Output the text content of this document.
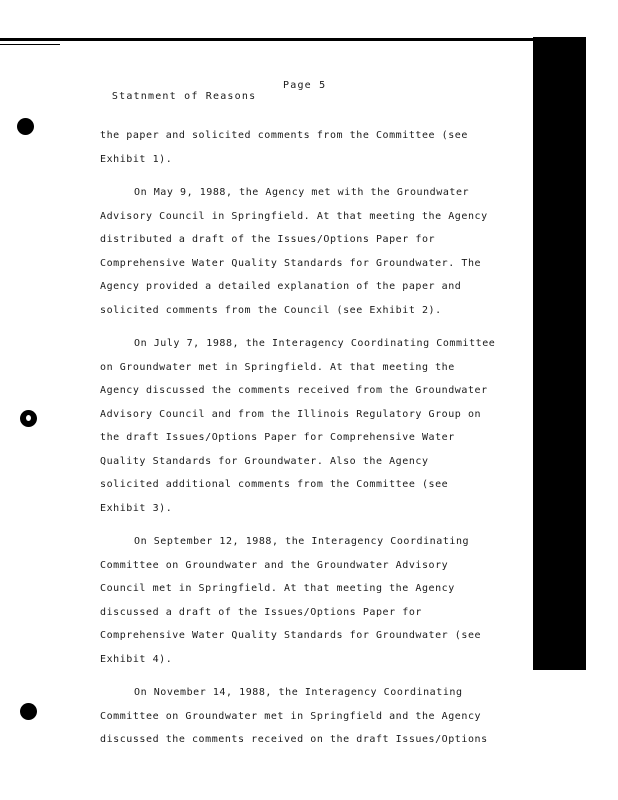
Statnment of Reasons

Page 5

the paper and solicited comments from the Committee (see
Exhibit 1).

On May 9, 1988, the Agency met with the Groundwater
Advisory Council in Springfield. At that meeting the Agency
distributed a draft of the Issues/Options Paper for
Comprehensive Water Quality Standards for Groundwater. The
Agency provided a detailed explanation of the paper and
solicited comments from the Council (see Exhibit 2).

On July 7, 1988, the Interagency Coordinating Committee
on Groundwater met in Springfield. At that meeting the
Agency discussed the comments received from the Groundwater
Advisory Council and from the Illinois Regulatory Group on
the draft Issues/Options Paper for Comprehensive Water
Quality Standards for Groundwater. Also the Agency
solicited additional comments from the Committee (see
Exhibit 3).

On September 12, 1988, the Interagency Coordinating
Committee on Groundwater and the Groundwater Advisory
Council met in Springfield. At that meeting the Agency
discussed a draft of the Issues/Options Paper for
Comprehensive Water Quality Standards for Groundwater (see
Exhibit 4).

On November 14, 1988, the Interagency Coordinating
Committee on Groundwater met in Springfield and the Agency
discussed the comments received on the draft Issues/Options
